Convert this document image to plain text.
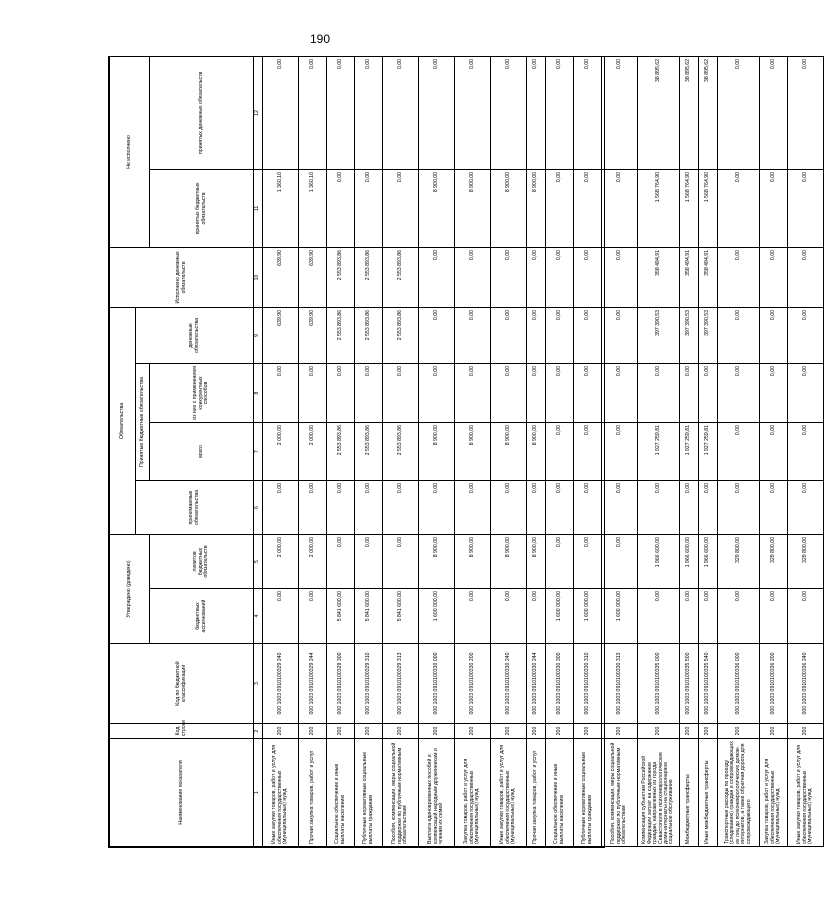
190
Наименование показателя	Код строки	Код по бюджетной классификации	Утверждено (доведено)		Обязательства				Исполнено денежных обязательств	Не исполнено	
					принимаемые обязательства	Принятые бюджетные обязательства		денежные обязательства			
			бюджетных ассигнований	лимитов бюджетных обязательств		всего	из них с применением конкурентных способов			принятых бюджетных обязательств	принятых денежных обязательств
1	2	3	4	5	6	7	8	9	10	11	12
Иные закупки товаров, работ и услуг для обеспечения государственных (муниципальных) нужд	200	000 1003 0910100329 240	0,00	2 000,00	0,00	2 000,00	0,00	639,90	639,90	1 360,10	0,00
Прочая закупка товаров, работ и услуг	200	000 1003 0910100329 244	0,00	2 000,00	0,00	2 000,00	0,00	639,90	639,90	1 360,10	0,00
Социальное обеспечение и иные выплаты населению	200	000 1003 0910100329 300	5 841 600,00	0,00	0,00	2 553 893,86	0,00	2 553 893,86	2 553 893,86	0,00	0,00
Публичные нормативные социальные выплаты гражданам	200	000 1003 0910100329 310	5 841 600,00	0,00	0,00	2 553 893,86	0,00	2 553 893,86	2 553 893,86	0,00	0,00
Пособия, компенсации, меры социальной поддержки по публичным нормативным обязательствам	200	000 1003 0910100329 313	5 841 600,00	0,00	0,00	2 553 893,86	0,00	2 553 893,86	2 553 893,86	0,00	0,00
Выплата единовременных пособий и компенсаций народным дружинникам и членам их семей	200	000 1003 0910100330 000	1 600 000,00	8 900,00	0,00	8 900,00	0,00	0,00	0,00	8 900,00	0,00
Закупка товаров, работ и услуг для обеспечения государственных (муниципальных) нужд	200	000 1003 0910100330 200	0,00	8 900,00	0,00	8 900,00	0,00	0,00	0,00	8 900,00	0,00
Иные закупки товаров, работ и услуг для обеспечения государственных (муниципальных) нужд	200	000 1003 0910100330 240	0,00	8 900,00	0,00	8 900,00	0,00	0,00	0,00	8 900,00	0,00
Прочая закупка товаров, работ и услуг	200	000 1003 0910100330 244	0,00	8 900,00	0,00	8 900,00	0,00	0,00	0,00	8 900,00	0,00
Социальное обеспечение и иные выплаты населению	200	000 1003 0910100330 300	1 600 000,00	0,00	0,00	0,00	0,00	0,00	0,00	0,00	0,00
Публичные нормативные социальные выплаты гражданам	200	000 1003 0910100330 310	1 600 000,00	0,00	0,00	0,00	0,00	0,00	0,00	0,00	0,00
Пособия, компенсации, меры социальной поддержки по публичным нормативным обязательствам	200	000 1003 0910100330 313	1 600 000,00	0,00	0,00	0,00	0,00	0,00	0,00	0,00	0,00
Компенсация субъектам Российской Федерации затрат на содержание граждан, направленных из города Севастополя в психоневрологические дома-интернаты на стационарное социальное обслуживание	200	000 1003 0910100335 000	0,00	1 966 600,00	0,00	1 927 259,81	0,00	397 390,53	358 494,91	1 568 764,90	38 895,62
Межбюджетные трансферты	200	000 1003 0910100335 500	0,00	1 966 600,00	0,00	1 927 259,81	0,00	397 390,53	358 494,91	1 568 764,90	38 895,62
Иные межбюджетные трансферты	200	000 1003 0910100335 540	0,00	1 966 600,00	0,00	1 927 259,81	0,00	397 390,53	358 494,91	1 568 764,90	38 895,62
Транспортные расходы по проезду (следованию) граждан и сопровождающих их лиц до психоневрологических домов-интернатов, а также обратная дорога для сопровождающего	200	000 1003 0910100336 000	0,00	329 800,00	0,00	0,00	0,00	0,00	0,00	0,00	0,00
Закупка товаров, работ и услуг для обеспечения государственных (муниципальных) нужд	200	000 1003 0910100336 200	0,00	329 800,00	0,00	0,00	0,00	0,00	0,00	0,00	0,00
Иные закупки товаров, работ и услуг для обеспечения государственных (муниципальных) нужд	200	000 1003 0910100336 240	0,00	329 800,00	0,00	0,00	0,00	0,00	0,00	0,00	0,00
